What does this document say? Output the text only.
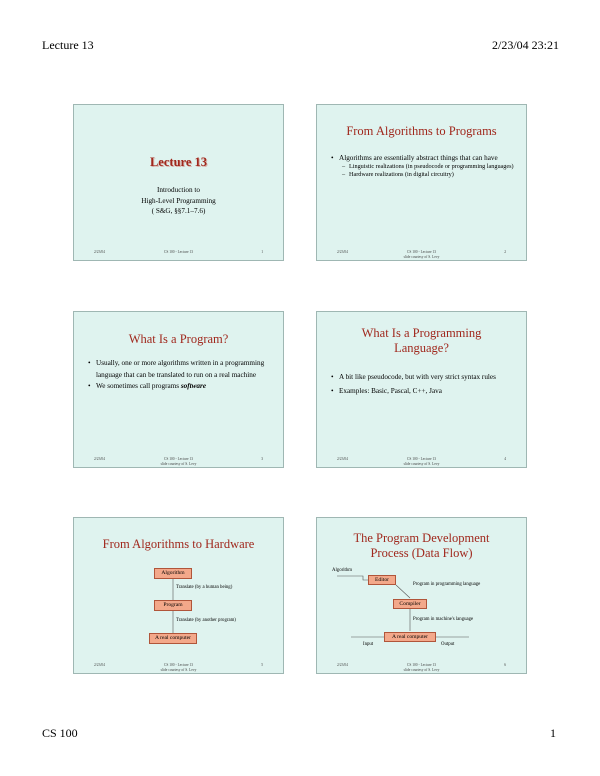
Lecture 13	2/23/04 23:21
Lecture 13
Introduction to
High-Level Programming
( S&G, §§7.1–7.6)
2/23/04	CS 100 - Lecture 13	1
From Algorithms to Programs
• Algorithms are essentially abstract things that can have
– Linguistic realizations (in pseudocode or programming languages)
– Hardware realizations (in digital circuitry)
2/23/04	CS 100 - Lecture 13	2
slide courtesy of S. Levy
What Is a Program?
• Usually, one or more algorithms written in a programming language that can be translated to run on a real machine
• We sometimes call programs software
2/23/04	CS 100 - Lecture 13	3
slide courtesy of S. Levy
What Is a Programming Language?
• A bit like pseudocode, but with very strict syntax rules
• Examples: Basic, Pascal, C++, Java
2/23/04	CS 100 - Lecture 13	4
slide courtesy of S. Levy
From Algorithms to Hardware
Algorithm
Translate (by a human being)
Program
Translate (by another program)
A real computer
2/23/04	CS 100 - Lecture 13	5
slide courtesy of S. Levy
The Program Development Process (Data Flow)
Algorithm
Editor
Program in programming language
Compiler
Program in machine's language
A real computer
Input	Output
2/23/04	CS 100 - Lecture 13	6
slide courtesy of S. Levy
CS 100	1
